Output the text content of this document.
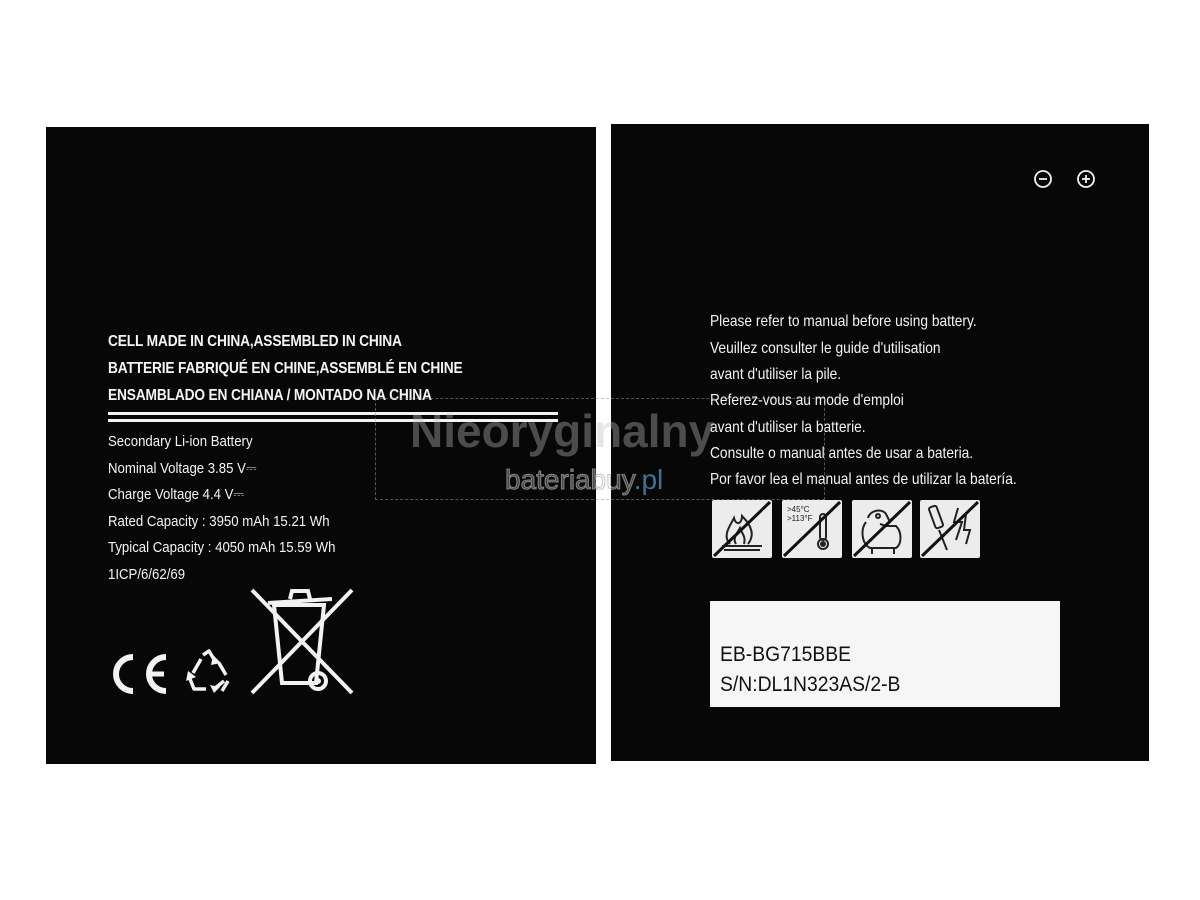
CELL MADE IN CHINA,ASSEMBLED IN CHINA
BATTERIE FABRIQUÉ EN CHINE,ASSEMBLÉ EN CHINE
ENSAMBLADO EN CHIANA / MONTADO NA CHINA
Secondary Li-ion Battery
Nominal Voltage 3.85 V⎓
Charge Voltage 4.4 V⎓
Rated Capacity : 3950 mAh 15.21 Wh
Typical Capacity : 4050 mAh 15.59 Wh
1ICP/6/62/69
Please refer to manual before using battery.
Veuillez consulter le guide d'utilisation
avant d'utiliser la pile.
Referez-vous au mode d'emploi
avant d'utiliser la batterie.
Consulte o manual antes de usar a bateria.
Por favor lea el manual antes de utilizar la batería.
>45°C
>113°F
EB-BG715BBE
S/N:DL1N323AS/2-B
Nieoryginalny
bateriabuy.pl
